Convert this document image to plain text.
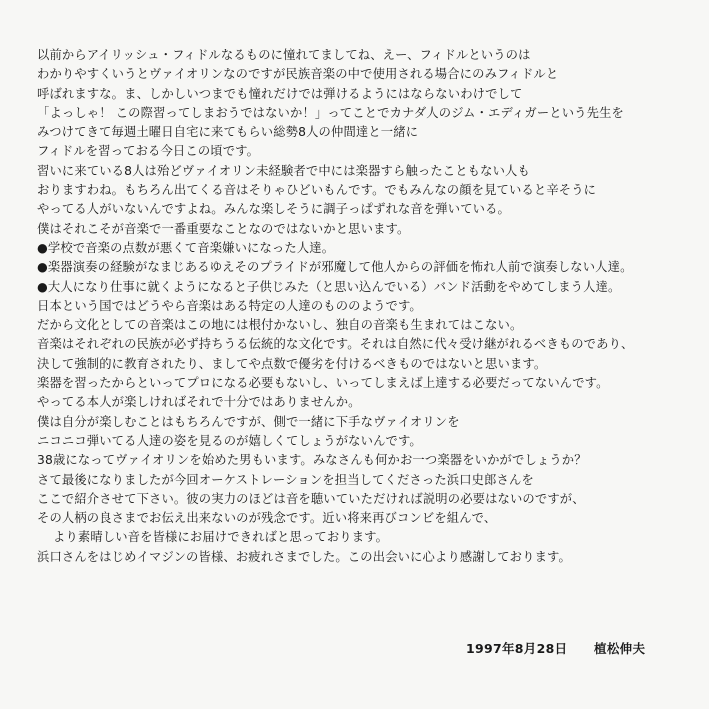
以前からアイリッシュ・フィドルなるものに憧れてましてね、えー、フィドルというのは
わかりやすくいうとヴァイオリンなのですが民族音楽の中で使用される場合にのみフィドルと
呼ばれますな。ま、しかしいつまでも憧れだけでは弾けるようにはならないわけでして
「よっしゃ！ この際習ってしまおうではないか！」ってことでカナダ人のジム・エディガーという先生を
みつけてきて毎週土曜日自宅に来てもらい総勢8人の仲間達と一緒に
フィドルを習っておる今日この頃です。
習いに来ている8人は殆どヴァイオリン未経験者で中には楽器すら触ったこともない人も
おりますわね。もちろん出てくる音はそりゃひどいもんです。でもみんなの顔を見ていると辛そうに
やってる人がいないんですよね。みんな楽しそうに調子っぱずれな音を弾いている。
僕はそれこそが音楽で一番重要なことなのではないかと思います。
●学校で音楽の点数が悪くて音楽嫌いになった人達。
●楽器演奏の経験がなまじあるゆえそのプライドが邪魔して他人からの評価を怖れ人前で演奏しない人達。
●大人になり仕事に就くようになると子供じみた（と思い込んでいる）バンド活動をやめてしまう人達。
日本という国ではどうやら音楽はある特定の人達のもののようです。
だから文化としての音楽はこの地には根付かないし、独自の音楽も生まれてはこない。
音楽はそれぞれの民族が必ず持ちうる伝統的な文化です。それは自然に代々受け継がれるべきものであり、
決して強制的に教育されたり、ましてや点数で優劣を付けるべきものではないと思います。
楽器を習ったからといってプロになる必要もないし、いってしまえば上達する必要だってないんです。
やってる本人が楽しければそれで十分ではありませんか。
僕は自分が楽しむことはもちろんですが、側で一緒に下手なヴァイオリンを
ニコニコ弾いてる人達の姿を見るのが嬉しくてしょうがないんです。
38歳になってヴァイオリンを始めた男もいます。みなさんも何かお一つ楽器をいかがでしょうか？
さて最後になりましたが今回オーケストレーションを担当してくださった浜口史郎さんを
ここで紹介させて下さい。彼の実力のほどは音を聴いていただければ説明の必要はないのですが、
その人柄の良さまでお伝え出来ないのが残念です。近い将来再びコンビを組んで、
より素晴しい音を皆様にお届けできればと思っております。
浜口さんをはじめイマジンの皆様、お疲れさまでした。この出会いに心より感謝しております。
1997年8月28日 植松伸夫
